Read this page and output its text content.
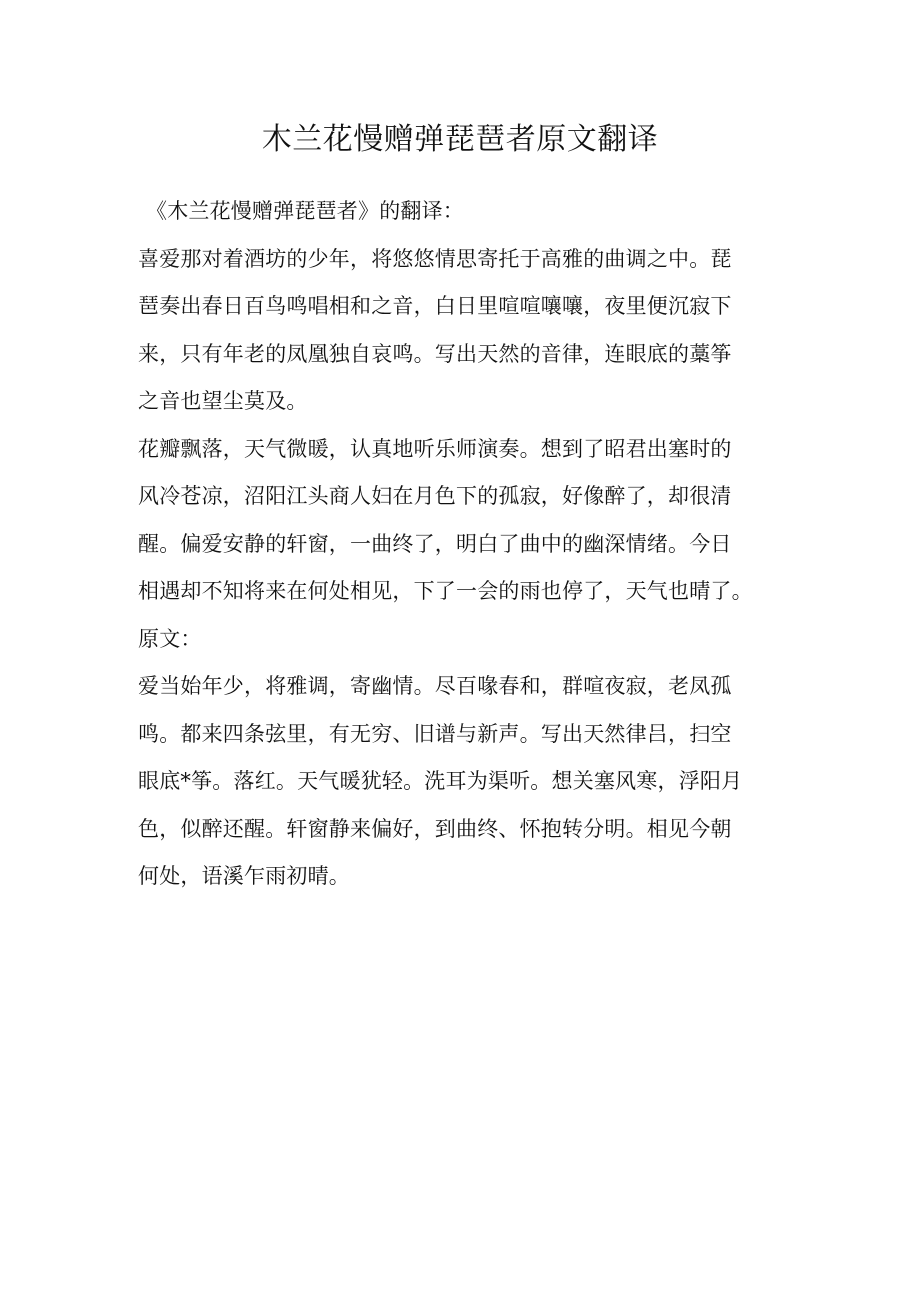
木兰花慢赠弹琵琶者原文翻译
《木兰花慢赠弹琵琶者》的翻译：
喜爱那对着酒坊的少年，将悠悠情思寄托于高雅的曲调之中。琵
琶奏出春日百鸟鸣唱相和之音，白日里喧喧嚷嚷，夜里便沉寂下
来，只有年老的凤凰独自哀鸣。写出天然的音律，连眼底的藁筝
之音也望尘莫及。
花瓣飘落，天气微暖，认真地听乐师演奏。想到了昭君出塞时的
风冷苍凉，沼阳江头商人妇在月色下的孤寂，好像醉了，却很清
醒。偏爱安静的轩窗，一曲终了，明白了曲中的幽深情绪。今日
相遇却不知将来在何处相见，下了一会的雨也停了，天气也晴了。
原文：
爱当始年少，将雅调，寄幽情。尽百喙春和，群喧夜寂，老凤孤
鸣。都来四条弦里，有无穷、旧谱与新声。写出天然律吕，扫空
眼底*筝。落红。天气暖犹轻。洗耳为渠听。想关塞风寒，浮阳月
色，似醉还醒。轩窗静来偏好，到曲终、怀抱转分明。相见今朝
何处，语溪乍雨初晴。
